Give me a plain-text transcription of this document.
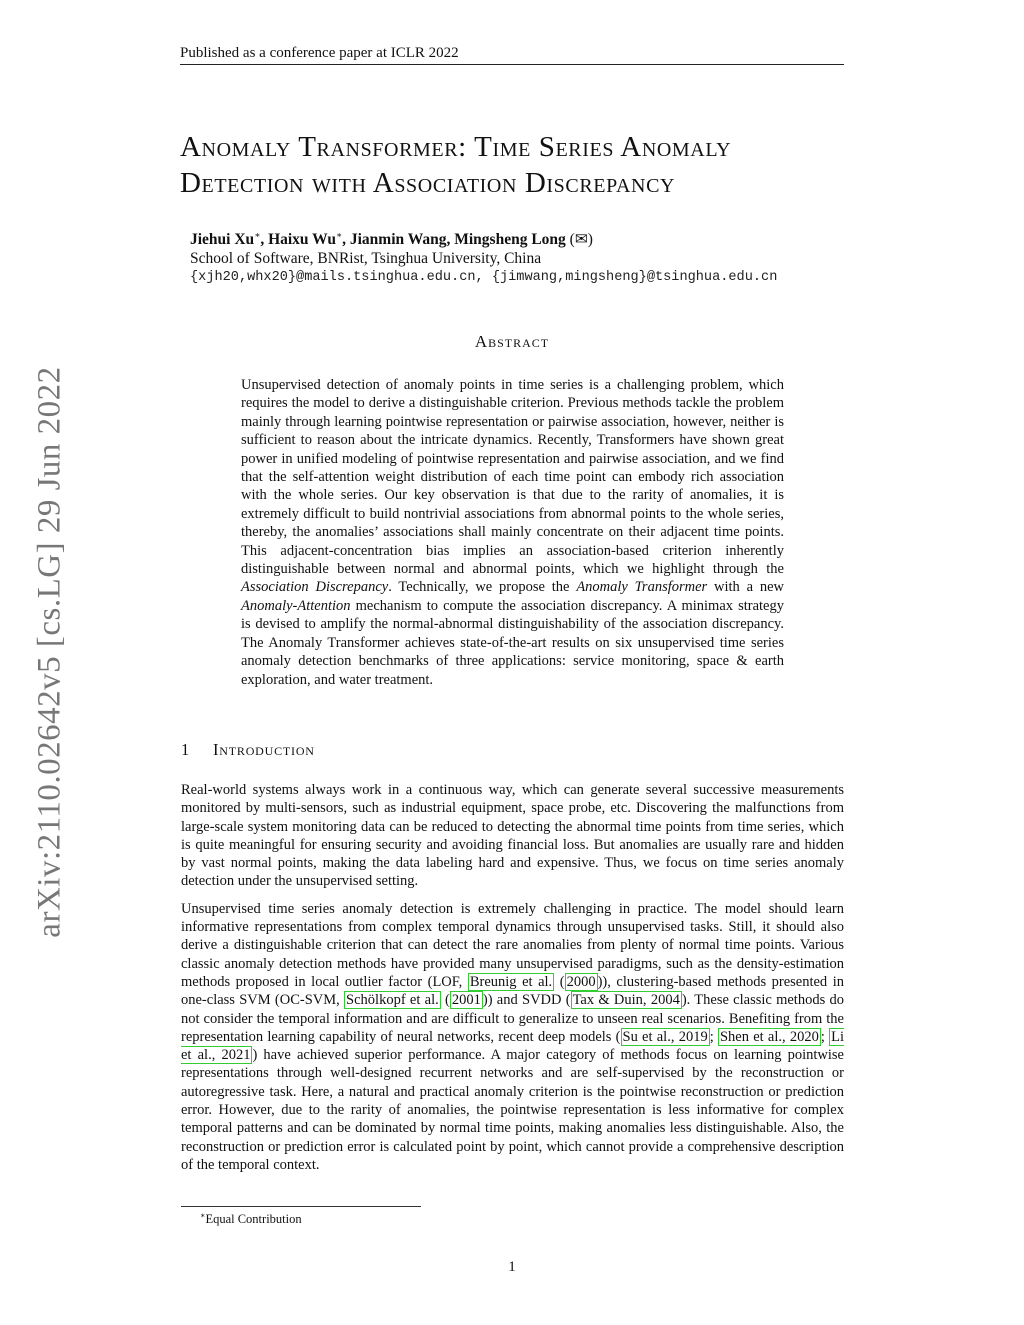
Published as a conference paper at ICLR 2022
arXiv:2110.02642v5 [cs.LG] 29 Jun 2022
Anomaly Transformer: Time Series Anomaly
Detection with Association Discrepancy
Jiehui Xu∗, Haixu Wu∗, Jianmin Wang, Mingsheng Long (✉)
School of Software, BNRist, Tsinghua University, China
{xjh20,whx20}@mails.tsinghua.edu.cn, {jimwang,mingsheng}@tsinghua.edu.cn
Abstract

Unsupervised detection of anomaly points in time series is a challenging problem, which requires the model to derive a distinguishable criterion. Previous methods tackle the problem mainly through learning pointwise representation or pairwise association, however, neither is sufficient to reason about the intricate dynamics. Recently, Transformers have shown great power in unified modeling of pointwise representation and pairwise association, and we find that the self-attention weight distribution of each time point can embody rich association with the whole series. Our key observation is that due to the rarity of anomalies, it is extremely difficult to build nontrivial associations from abnormal points to the whole series, thereby, the anomalies’ associations shall mainly concentrate on their adjacent time points. This adjacent-concentration bias implies an association-based criterion inherently distinguishable between normal and abnormal points, which we highlight through the Association Discrepancy. Technically, we propose the Anomaly Transformer with a new Anomaly-Attention mechanism to compute the association discrepancy. A minimax strategy is devised to amplify the normal-abnormal distinguishability of the association discrepancy. The Anomaly Transformer achieves state-of-the-art results on six unsupervised time series anomaly detection benchmarks of three applications: service monitoring, space & earth exploration, and water treatment.

1 Introduction

Real-world systems always work in a continuous way, which can generate several successive measurements monitored by multi-sensors, such as industrial equipment, space probe, etc. Discovering the malfunctions from large-scale system monitoring data can be reduced to detecting the abnormal time points from time series, which is quite meaningful for ensuring security and avoiding financial loss. But anomalies are usually rare and hidden by vast normal points, making the data labeling hard and expensive. Thus, we focus on time series anomaly detection under the unsupervised setting.

Unsupervised time series anomaly detection is extremely challenging in practice. The model should learn informative representations from complex temporal dynamics through unsupervised tasks. Still, it should also derive a distinguishable criterion that can detect the rare anomalies from plenty of normal time points. Various classic anomaly detection methods have provided many unsupervised paradigms, such as the density-estimation methods proposed in local outlier factor (LOF, Breunig et al. ( 2000 )), clustering-based methods presented in one-class SVM (OC-SVM, Schölkopf et al. ( 2001 )) and SVDD ( Tax & Duin, 2004 ). These classic methods do not consider the temporal information and are difficult to generalize to unseen real scenarios. Benefiting from the representation learning capability of neural networks, recent deep models ( Su et al., 2019 ; Shen et al., 2020 ; Li et al., 2021 ) have achieved superior performance. A major category of methods focus on learning pointwise representations through well-designed recurrent networks and are self-supervised by the reconstruction or autoregressive task. Here, a natural and practical anomaly criterion is the pointwise reconstruction or prediction error. However, due to the rarity of anomalies, the pointwise representation is less informative for complex temporal patterns and can be dominated by normal time points, making anomalies less distinguishable. Also, the reconstruction or prediction error is calculated point by point, which cannot provide a comprehensive description of the temporal context.

∗Equal Contribution
1
